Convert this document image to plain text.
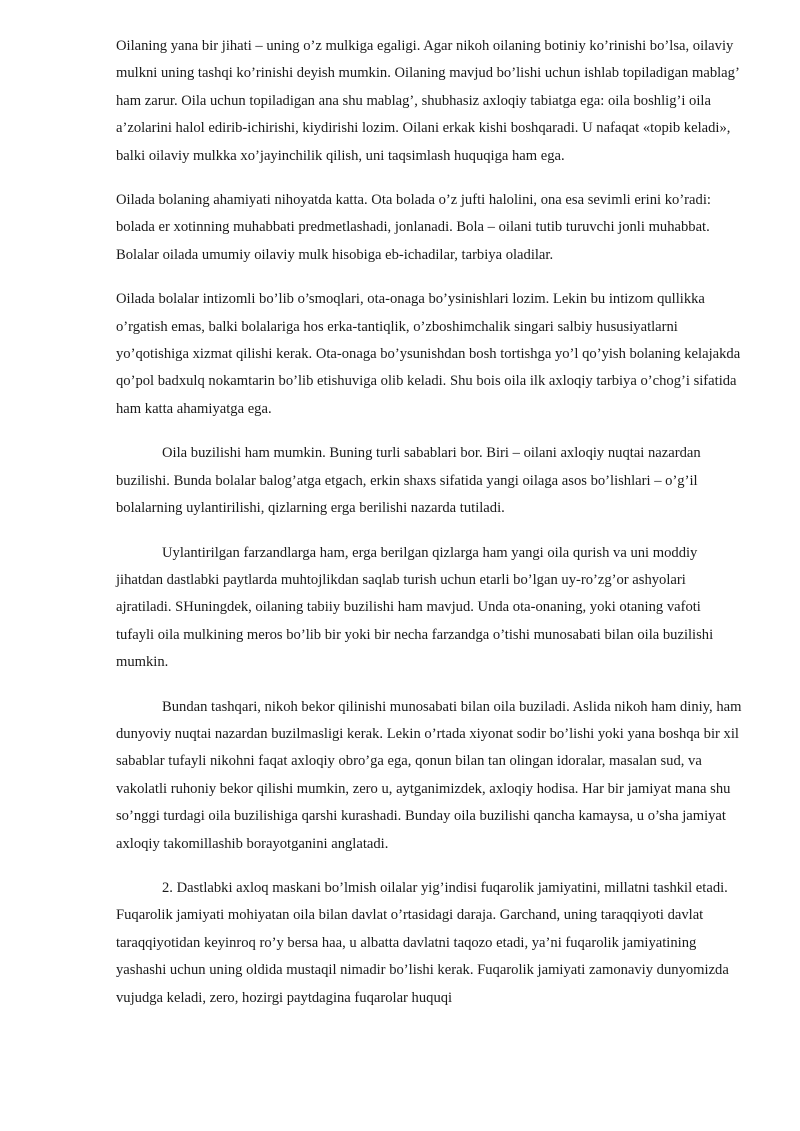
Oilaning yana bir jihati – uning o’z mulkiga egaligi. Agar nikoh oilaning botiniy ko’rinishi bo’lsa, oilaviy mulkni uning tashqi ko’rinishi deyish mumkin. Oilaning mavjud bo’lishi uchun ishlab topiladigan mablag’ ham zarur. Oila uchun topiladigan ana shu mablag’, shubhasiz axloqiy tabiatga ega: oila boshlig’i oila a’zolarini halol edirib-ichirishi, kiydirishi lozim. Oilani erkak kishi boshqaradi. U nafaqat «topib keladi», balki oilaviy mulkka xo’jayinchilik qilish, uni taqsimlash huquqiga ham ega.

Oilada bolaning ahamiyati nihoyatda katta. Ota bolada o’z jufti halolini, ona esa sevimli erini ko’radi: bolada er xotinning muhabbati predmetlashadi, jonlanadi. Bola – oilani tutib turuvchi jonli muhabbat. Bolalar oilada umumiy oilaviy mulk hisobiga eb-ichadilar, tarbiya oladilar.

Oilada bolalar intizomli bo’lib o’smoqlari, ota-onaga bo’ysinishlari lozim. Lekin bu intizom qullikka o’rgatish emas, balki bolalariga hos erka-tantiqlik, o’zboshimchalik singari salbiy hususiyatlarni yo’qotishiga xizmat qilishi kerak. Ota-onaga bo’ysunishdan bosh tortishga yo’l qo’yish bolaning kelajakda qo’pol badxulq nokamtarin bo’lib etishuviga olib keladi. Shu bois oila ilk axloqiy tarbiya o’chog’i sifatida ham katta ahamiyatga ega.

Oila buzilishi ham mumkin. Buning turli sabablari bor. Biri – oilani axloqiy nuqtai nazardan buzilishi. Bunda bolalar balog’atga etgach, erkin shaxs sifatida yangi oilaga asos bo’lishlari – o’g’il bolalarning uylantirilishi, qizlarning erga berilishi nazarda tutiladi.

Uylantirilgan farzandlarga ham, erga berilgan qizlarga ham yangi oila qurish va uni moddiy jihatdan dastlabki paytlarda muhtojlikdan saqlab turish uchun etarli bo’lgan uy-ro’zg’or ashyolari ajratiladi. SHuningdek, oilaning tabiiy buzilishi ham mavjud. Unda ota-onaning, yoki otaning vafoti tufayli oila mulkining meros bo’lib bir yoki bir necha farzandga o’tishi munosabati bilan oila buzilishi mumkin.

Bundan tashqari, nikoh bekor qilinishi munosabati bilan oila buziladi. Aslida nikoh ham diniy, ham dunyoviy nuqtai nazardan buzilmasligi kerak. Lekin o’rtada xiyonat sodir bo’lishi yoki yana boshqa bir xil sabablar tufayli nikohni faqat axloqiy obro’ga ega, qonun bilan tan olingan idoralar, masalan sud, va vakolatli ruhoniy bekor qilishi mumkin, zero u, aytganimizdek, axloqiy hodisa. Har bir jamiyat mana shu so’nggi turdagi oila buzilishiga qarshi kurashadi. Bunday oila buzilishi qancha kamaysa, u o’sha jamiyat axloqiy takomillashib borayotganini anglatadi.

2. Dastlabki axloq maskani bo’lmish oilalar yig’indisi fuqarolik jamiyatini, millatni tashkil etadi. Fuqarolik jamiyati mohiyatan oila bilan davlat o’rtasidagi daraja. Garchand, uning taraqqiyoti davlat taraqqiyotidan keyinroq ro’y bersa haa, u albatta davlatni taqozo etadi, ya’ni fuqarolik jamiyatining yashashi uchun uning oldida mustaqil nimadir bo’lishi kerak. Fuqarolik jamiyati zamonaviy dunyomizda vujudga keladi, zero, hozirgi paytdagina fuqarolar huquqi
